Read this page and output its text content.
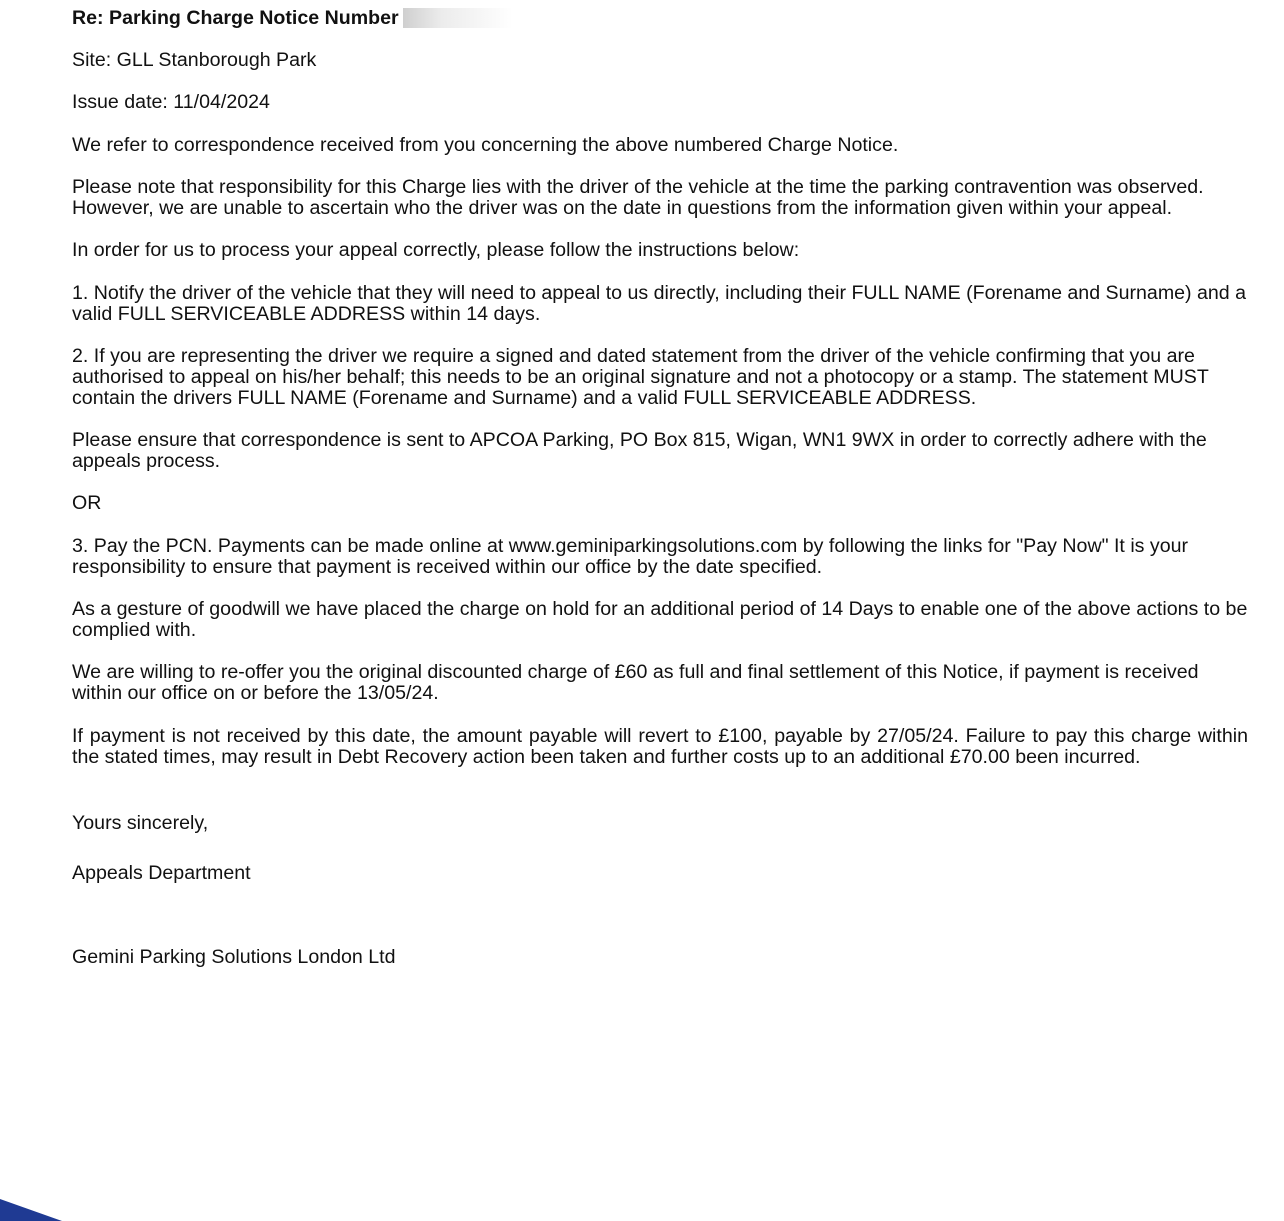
Re: Parking Charge Notice Number
Site: GLL Stanborough Park
Issue date: 11/04/2024
We refer to correspondence received from you concerning the above numbered Charge Notice.
Please note that responsibility for this Charge lies with the driver of the vehicle at the time the parking contravention was observed. However, we are unable to ascertain who the driver was on the date in questions from the information given within your appeal.
In order for us to process your appeal correctly, please follow the instructions below:
1. Notify the driver of the vehicle that they will need to appeal to us directly, including their FULL NAME (Forename and Surname) and a valid FULL SERVICEABLE ADDRESS within 14 days.
2. If you are representing the driver we require a signed and dated statement from the driver of the vehicle confirming that you are authorised to appeal on his/her behalf; this needs to be an original signature and not a photocopy or a stamp. The statement MUST contain the drivers FULL NAME (Forename and Surname) and a valid FULL SERVICEABLE ADDRESS.
Please ensure that correspondence is sent to APCOA Parking, PO Box 815, Wigan, WN1 9WX in order to correctly adhere with the appeals process.
OR
3. Pay the PCN. Payments can be made online at www.geminiparkingsolutions.com by following the links for "Pay Now" It is your responsibility to ensure that payment is received within our office by the date specified.
As a gesture of goodwill we have placed the charge on hold for an additional period of 14 Days to enable one of the above actions to be complied with.
We are willing to re-offer you the original discounted charge of £60 as full and final settlement of this Notice, if payment is received within our office on or before the 13/05/24.
If payment is not received by this date, the amount payable will revert to £100, payable by 27/05/24. Failure to pay this charge within the stated times, may result in Debt Recovery action been taken and further costs up to an additional £70.00 been incurred.
Yours sincerely,
Appeals Department
Gemini Parking Solutions London Ltd
